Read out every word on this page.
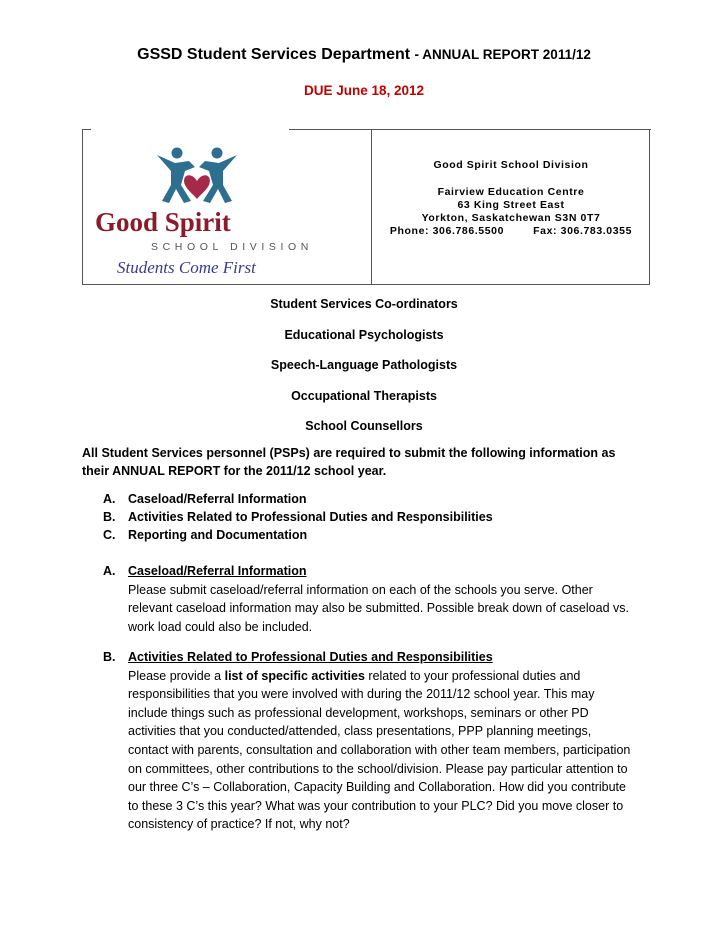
GSSD Student Services Department - ANNUAL REPORT 2011/12
DUE June 18, 2012
Good Spirit
SCHOOL DIVISION
Students Come First
Good Spirit School Division
Fairview Education Centre
63 King Street East
Yorkton, Saskatchewan S3N 0T7
Phone: 306.786.5500	Fax: 306.783.0355
Student Services Co-ordinators
Educational Psychologists
Speech-Language Pathologists
Occupational Therapists
School Counsellors
All Student Services personnel (PSPs) are required to submit the following information as their ANNUAL REPORT for the 2011/12 school year.
A.	Caseload/Referral Information
B.	Activities Related to Professional Duties and Responsibilities
C.	Reporting and Documentation
A.	Caseload/Referral Information
Please submit caseload/referral information on each of the schools you serve. Other relevant caseload information may also be submitted. Possible break down of caseload vs. work load could also be included.
B.	Activities Related to Professional Duties and Responsibilities
Please provide a list of specific activities related to your professional duties and responsibilities that you were involved with during the 2011/12 school year. This may include things such as professional development, workshops, seminars or other PD activities that you conducted/attended, class presentations, PPP planning meetings, contact with parents, consultation and collaboration with other team members, participation on committees, other contributions to the school/division. Please pay particular attention to our three C’s – Collaboration, Capacity Building and Collaboration. How did you contribute to these 3 C’s this year? What was your contribution to your PLC? Did you move closer to consistency of practice? If not, why not?
